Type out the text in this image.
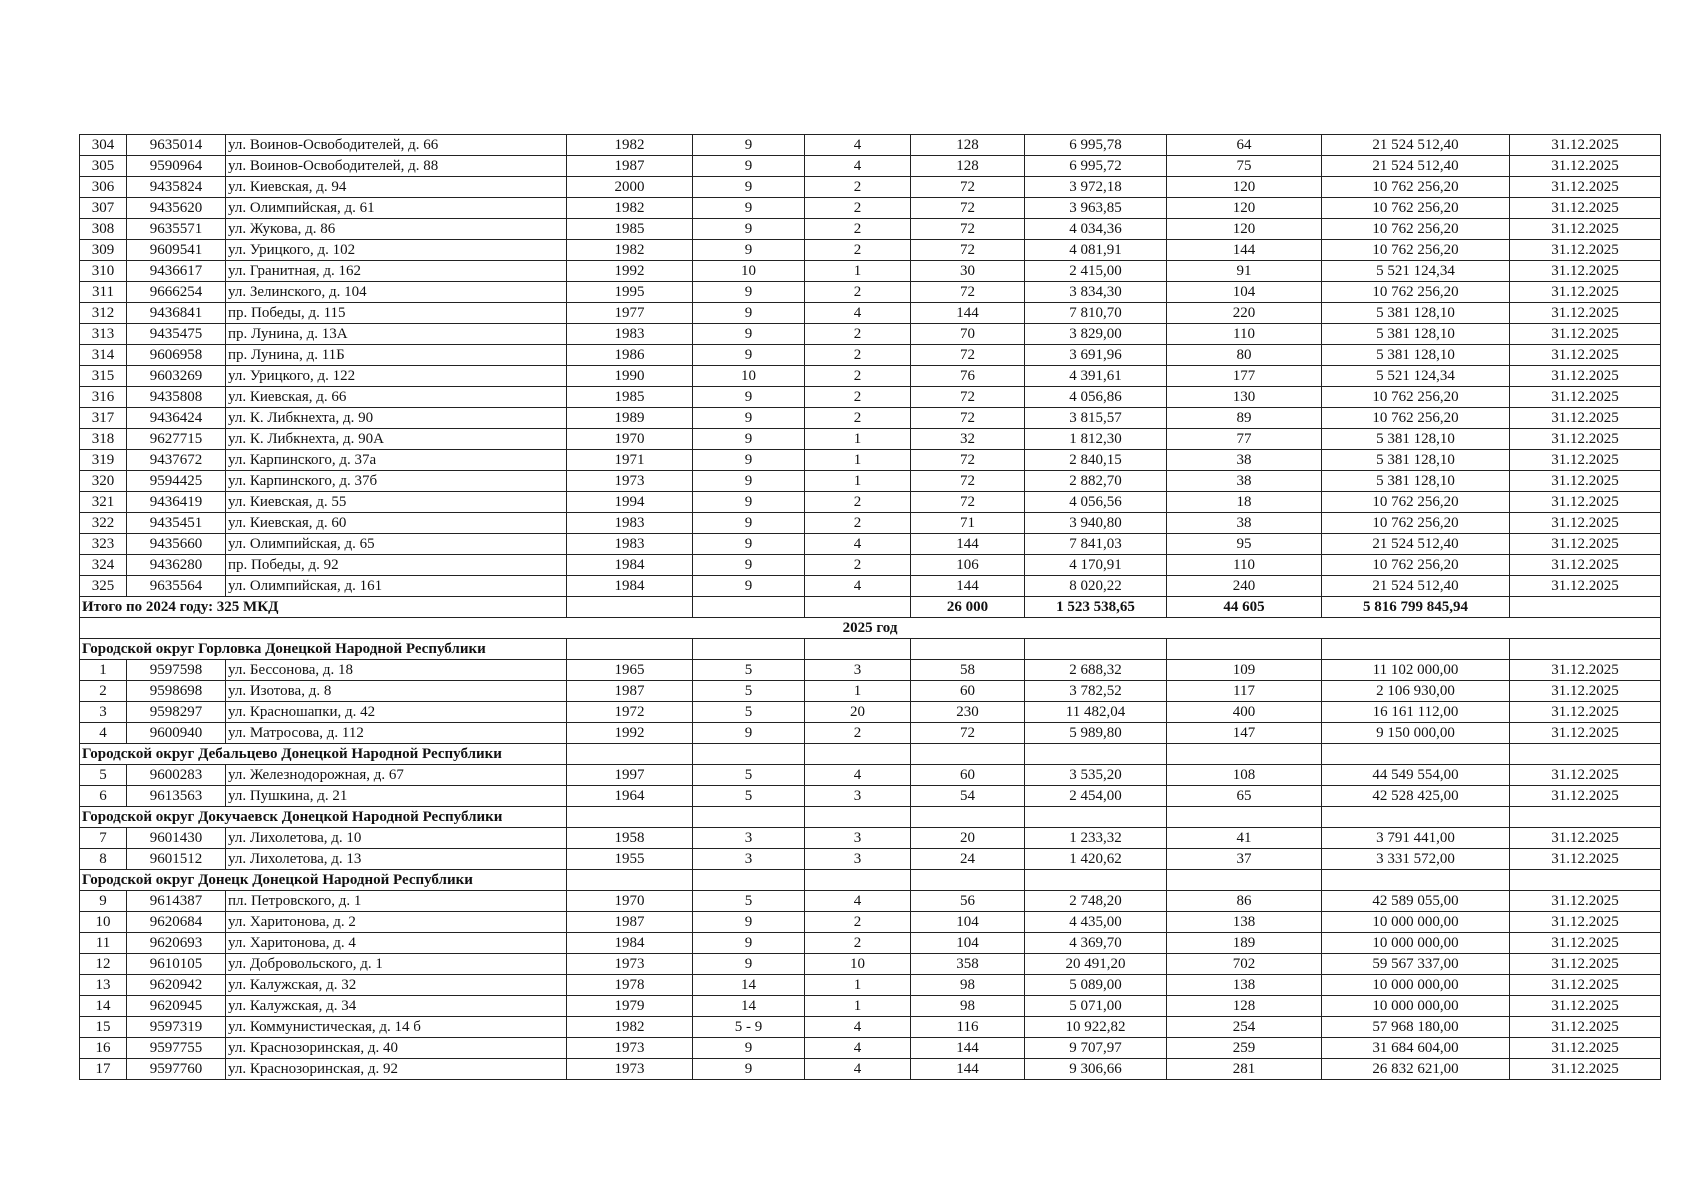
304	9635014	ул. Воинов-Освободителей, д. 66	1982	9	4	128	6 995,78	64	21 524 512,40	31.12.2025
305	9590964	ул. Воинов-Освободителей, д. 88	1987	9	4	128	6 995,72	75	21 524 512,40	31.12.2025
306	9435824	ул. Киевская, д. 94	2000	9	2	72	3 972,18	120	10 762 256,20	31.12.2025
307	9435620	ул. Олимпийская, д. 61	1982	9	2	72	3 963,85	120	10 762 256,20	31.12.2025
308	9635571	ул. Жукова, д. 86	1985	9	2	72	4 034,36	120	10 762 256,20	31.12.2025
309	9609541	ул. Урицкого, д. 102	1982	9	2	72	4 081,91	144	10 762 256,20	31.12.2025
310	9436617	ул. Гранитная, д. 162	1992	10	1	30	2 415,00	91	5 521 124,34	31.12.2025
311	9666254	ул. Зелинского, д. 104	1995	9	2	72	3 834,30	104	10 762 256,20	31.12.2025
312	9436841	пр. Победы, д. 115	1977	9	4	144	7 810,70	220	5 381 128,10	31.12.2025
313	9435475	пр. Лунина, д. 13А	1983	9	2	70	3 829,00	110	5 381 128,10	31.12.2025
314	9606958	пр. Лунина, д. 11Б	1986	9	2	72	3 691,96	80	5 381 128,10	31.12.2025
315	9603269	ул. Урицкого, д. 122	1990	10	2	76	4 391,61	177	5 521 124,34	31.12.2025
316	9435808	ул. Киевская, д. 66	1985	9	2	72	4 056,86	130	10 762 256,20	31.12.2025
317	9436424	ул. К. Либкнехта, д. 90	1989	9	2	72	3 815,57	89	10 762 256,20	31.12.2025
318	9627715	ул. К. Либкнехта, д. 90А	1970	9	1	32	1 812,30	77	5 381 128,10	31.12.2025
319	9437672	ул. Карпинского, д. 37а	1971	9	1	72	2 840,15	38	5 381 128,10	31.12.2025
320	9594425	ул. Карпинского, д. 37б	1973	9	1	72	2 882,70	38	5 381 128,10	31.12.2025
321	9436419	ул. Киевская, д. 55	1994	9	2	72	4 056,56	18	10 762 256,20	31.12.2025
322	9435451	ул. Киевская, д. 60	1983	9	2	71	3 940,80	38	10 762 256,20	31.12.2025
323	9435660	ул. Олимпийская, д. 65	1983	9	4	144	7 841,03	95	21 524 512,40	31.12.2025
324	9436280	пр. Победы, д. 92	1984	9	2	106	4 170,91	110	10 762 256,20	31.12.2025
325	9635564	ул. Олимпийская, д. 161	1984	9	4	144	8 020,22	240	21 524 512,40	31.12.2025
Итого по 2024 году: 325 МКД						26 000	1 523 538,65	44 605	5 816 799 845,94	
2025 год										
Городской округ Горловка Донецкой Народной Республики										
1	9597598	ул. Бессонова, д. 18	1965	5	3	58	2 688,32	109	11 102 000,00	31.12.2025
2	9598698	ул. Изотова, д. 8	1987	5	1	60	3 782,52	117	2 106 930,00	31.12.2025
3	9598297	ул. Красношапки, д. 42	1972	5	20	230	11 482,04	400	16 161 112,00	31.12.2025
4	9600940	ул. Матросова, д. 112	1992	9	2	72	5 989,80	147	9 150 000,00	31.12.2025
Городской округ Дебальцево Донецкой Народной Республики										
5	9600283	ул. Железнодорожная, д. 67	1997	5	4	60	3 535,20	108	44 549 554,00	31.12.2025
6	9613563	ул. Пушкина, д. 21	1964	5	3	54	2 454,00	65	42 528 425,00	31.12.2025
Городской округ Докучаевск Донецкой Народной Республики										
7	9601430	ул. Лихолетова, д. 10	1958	3	3	20	1 233,32	41	3 791 441,00	31.12.2025
8	9601512	ул. Лихолетова, д. 13	1955	3	3	24	1 420,62	37	3 331 572,00	31.12.2025
Городской округ Донецк Донецкой Народной Республики										
9	9614387	пл. Петровского, д. 1	1970	5	4	56	2 748,20	86	42 589 055,00	31.12.2025
10	9620684	ул. Харитонова, д. 2	1987	9	2	104	4 435,00	138	10 000 000,00	31.12.2025
11	9620693	ул. Харитонова, д. 4	1984	9	2	104	4 369,70	189	10 000 000,00	31.12.2025
12	9610105	ул. Добровольского, д. 1	1973	9	10	358	20 491,20	702	59 567 337,00	31.12.2025
13	9620942	ул. Калужская, д. 32	1978	14	1	98	5 089,00	138	10 000 000,00	31.12.2025
14	9620945	ул. Калужская, д. 34	1979	14	1	98	5 071,00	128	10 000 000,00	31.12.2025
15	9597319	ул. Коммунистическая, д. 14 б	1982	5 - 9	4	116	10 922,82	254	57 968 180,00	31.12.2025
16	9597755	ул. Краснозоринская, д. 40	1973	9	4	144	9 707,97	259	31 684 604,00	31.12.2025
17	9597760	ул. Краснозоринская, д. 92	1973	9	4	144	9 306,66	281	26 832 621,00	31.12.2025
